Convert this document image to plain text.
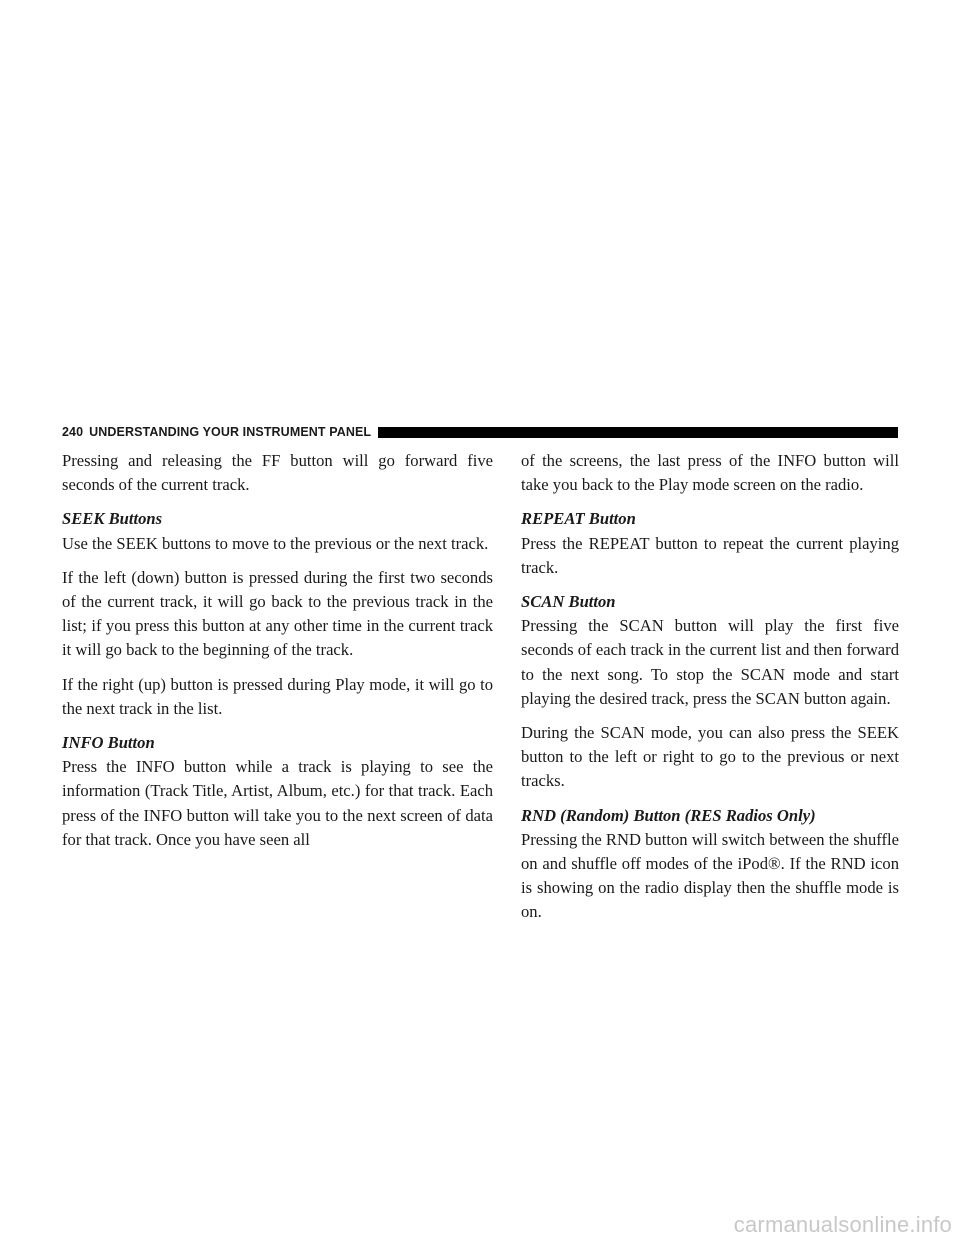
240 UNDERSTANDING YOUR INSTRUMENT PANEL

Pressing and releasing the FF button will go forward five seconds of the current track.

SEEK Buttons
Use the SEEK buttons to move to the previous or the next track.

If the left (down) button is pressed during the first two seconds of the current track, it will go back to the previous track in the list; if you press this button at any other time in the current track it will go back to the beginning of the track.

If the right (up) button is pressed during Play mode, it will go to the next track in the list.

INFO Button
Press the INFO button while a track is playing to see the information (Track Title, Artist, Album, etc.) for that track. Each press of the INFO button will take you to the next screen of data for that track. Once you have seen all

of the screens, the last press of the INFO button will take you back to the Play mode screen on the radio.

REPEAT Button
Press the REPEAT button to repeat the current playing track.
SCAN Button
Pressing the SCAN button will play the first five seconds of each track in the current list and then forward to the next song. To stop the SCAN mode and start playing the desired track, press the SCAN button again.

During the SCAN mode, you can also press the SEEK button to the left or right to go to the previous or next tracks.

RND (Random) Button (RES Radios Only)
Pressing the RND button will switch between the shuffle on and shuffle off modes of the iPod®. If the RND icon is showing on the radio display then the shuffle mode is on.
carmanualsonline.info
